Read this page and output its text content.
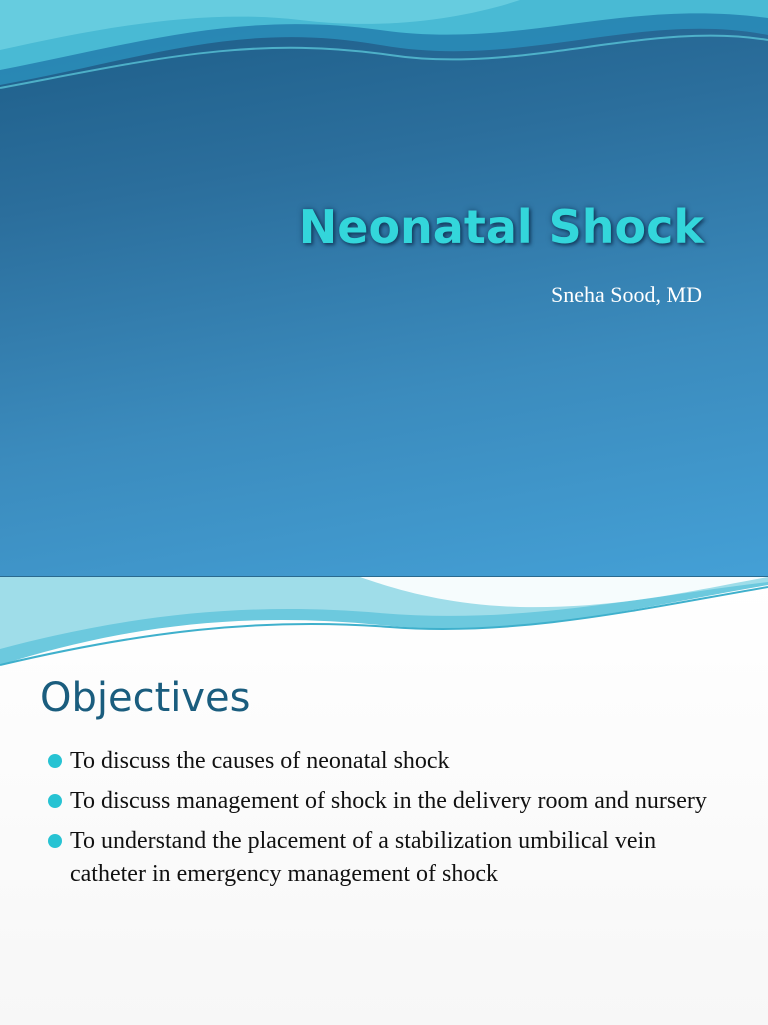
Neonatal Shock
Sneha Sood, MD
Objectives
To discuss the causes of neonatal shock
To discuss management of shock in the delivery room and nursery
To understand the placement of a stabilization umbilical vein catheter in emergency management of shock
